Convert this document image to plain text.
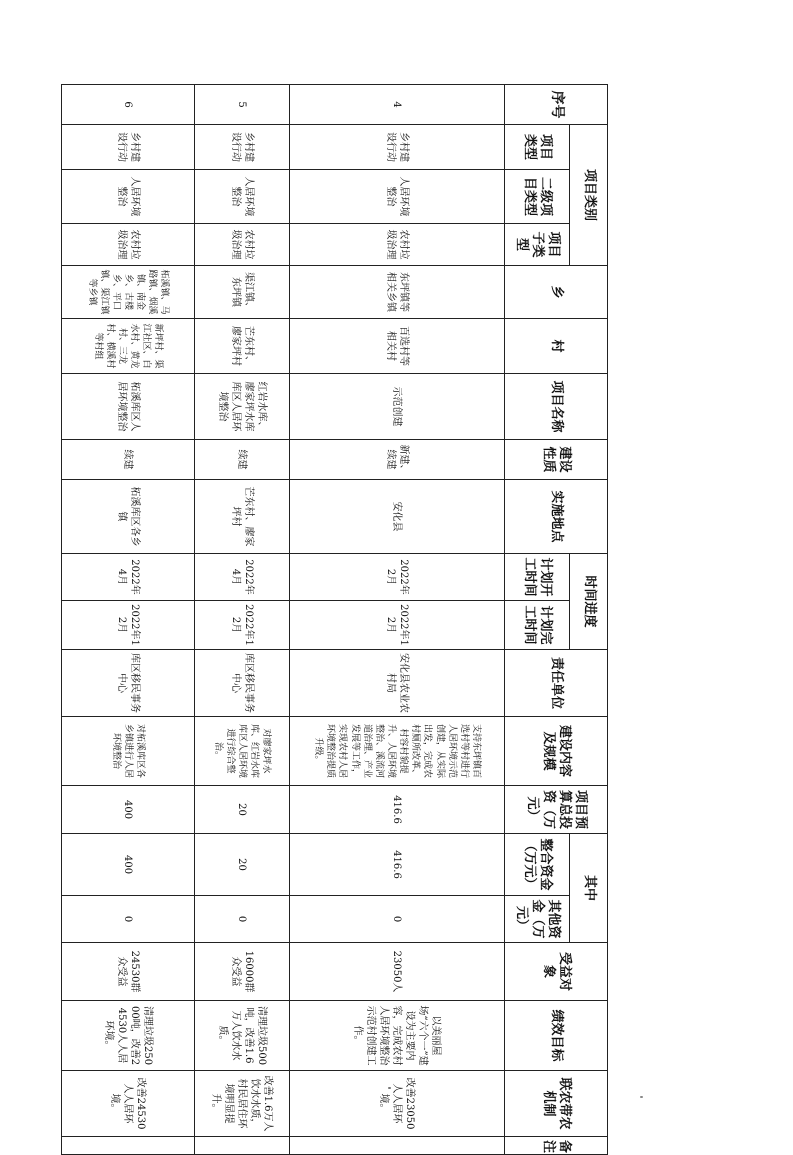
序号	项目类别			乡	村	项目名称	建设性质	实施地点	时间进度		责任单位	建设内容及规模	项目预算总投资（万元）	其中		受益对象	绩效目标	联农带农机制	备注
	项目类型	二级项目类型	项目子类型						计划开工时间	计划完工时间				整合资金（万元）	其他资金（万元）				
4	乡村建设行动	人居环境整治	农村垃圾治理	东坪镇等相关乡镇	百选村等相关村	示范创建	新建、续建	安化县	2022年2月	2022年12月	安化县农业农村局	支持东坪镇百选村等村进行人居环境示范创建，从实际出发，完成农村厕所改革、村容村貌提升、人居环境整治、溪流河道治理、产业发展等工作，实现农村人居环境整治提质升级。	416.6	416.6	0	23050人	以美丽屋场“六个一”建设为主要内容，完成农村人居环境整治示范村创建工作。	改善23050人人居环境。	
5	乡村建设行动	人居环境整治	农村垃圾治理	渠江镇、东坪镇	芒东村、廖家坪村	红岩水库、廖家坪水库库区人居环境整治	续建	芒东村、廖家坪村	2022年4月	2022年12月	库区移民事务中心	对廖家坪水库、红岩水库库区人居环境进行综合整治。	20	20	0	16000群众受益	清理垃圾500吨，改善1.6万人饮水水质。	改善1.6万人饮水水质，村民居住环境明显提升。	
6	乡村建设行动	人居环境整治	农村垃圾治理	柘溪镇、马路镇、烟溪镇、南金乡、古楼乡、平口镇、渠江镇等乡镇	新坪村、渠江社区、白水村、黄龙村、三龙村、横溪村等村组	柘溪库区人居环境整治	续建	柘溪库区各乡镇	2022年4月	2022年12月	库区移民事务中心	对柘溪库区各乡镇进行人居环境整治	400	400	0	24530群众受益	清理垃圾25000吨，改善24530人人居环境。	改善24530人人居环境。	
